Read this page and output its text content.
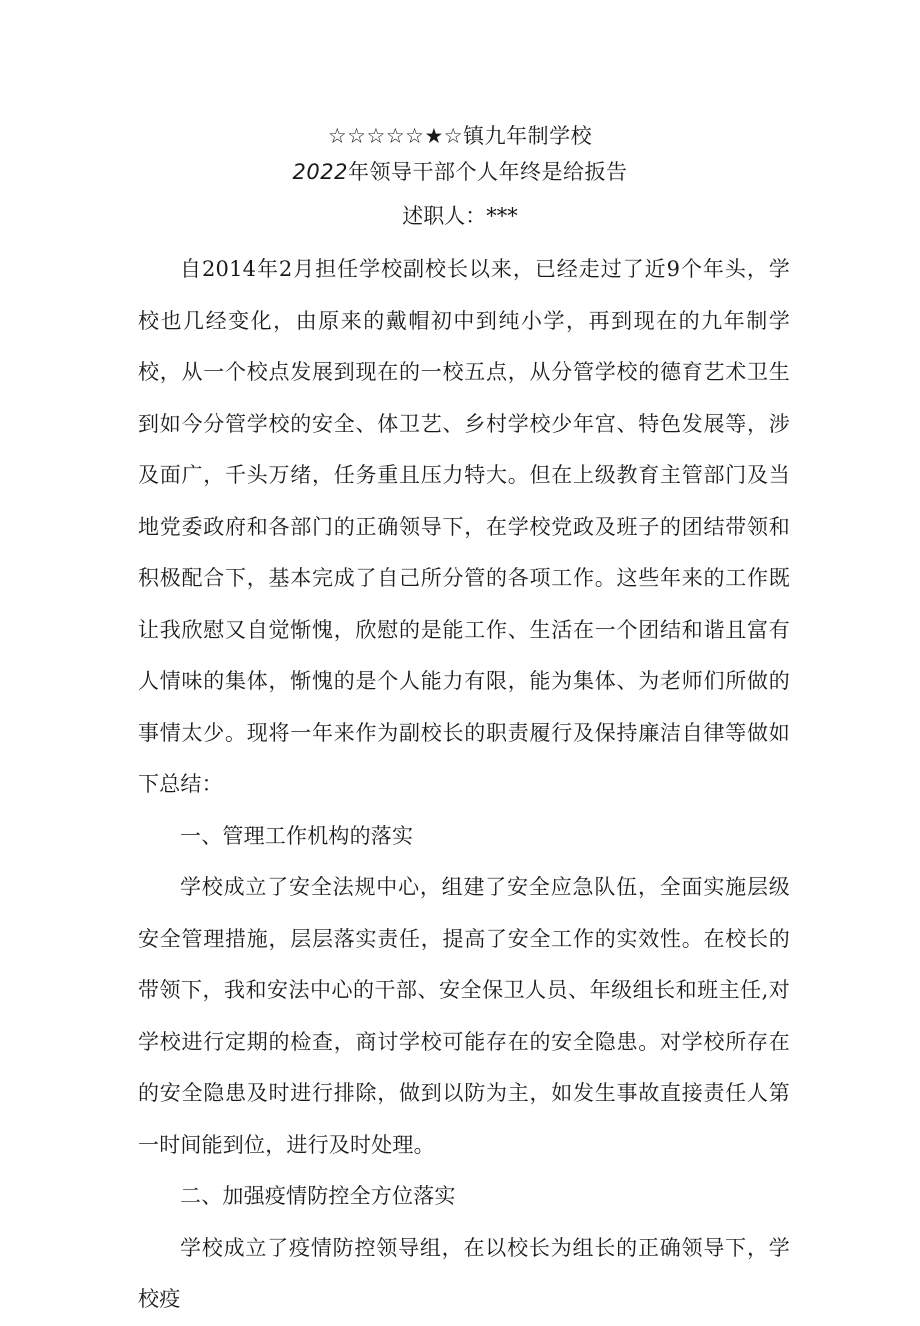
☆☆☆☆☆★☆镇九年制学校
2022年领导干部个人年终是给扳告
述职人：***

自2014年2月担任学校副校长以来，已经走过了近9个年头，学校也几经变化，由原来的戴帽初中到纯小学，再到现在的九年制学校，从一个校点发展到现在的一校五点，从分管学校的德育艺术卫生到如今分管学校的安全、体卫艺、乡村学校少年宫、特色发展等，涉及面广，千头万绪，任务重且压力特大。但在上级教育主管部门及当地党委政府和各部门的正确领导下，在学校党政及班子的团结带领和积极配合下，基本完成了自己所分管的各项工作。这些年来的工作既让我欣慰又自觉惭愧，欣慰的是能工作、生活在一个团结和谐且富有人情味的集体，惭愧的是个人能力有限，能为集体、为老师们所做的事情太少。现将一年来作为副校长的职责履行及保持廉洁自律等做如下总结：

一、管理工作机构的落实

学校成立了安全法规中心，组建了安全应急队伍，全面实施层级安全管理措施，层层落实责任，提高了安全工作的实效性。在校长的带领下，我和安法中心的干部、安全保卫人员、年级组长和班主任,对学校进行定期的检查，商讨学校可能存在的安全隐患。对学校所存在的安全隐患及时进行排除，做到以防为主，如发生事故直接责任人第一时间能到位，进行及时处理。

二、加强疫情防控全方位落实

学校成立了疫情防控领导组，在以校长为组长的正确领导下，学校疫
